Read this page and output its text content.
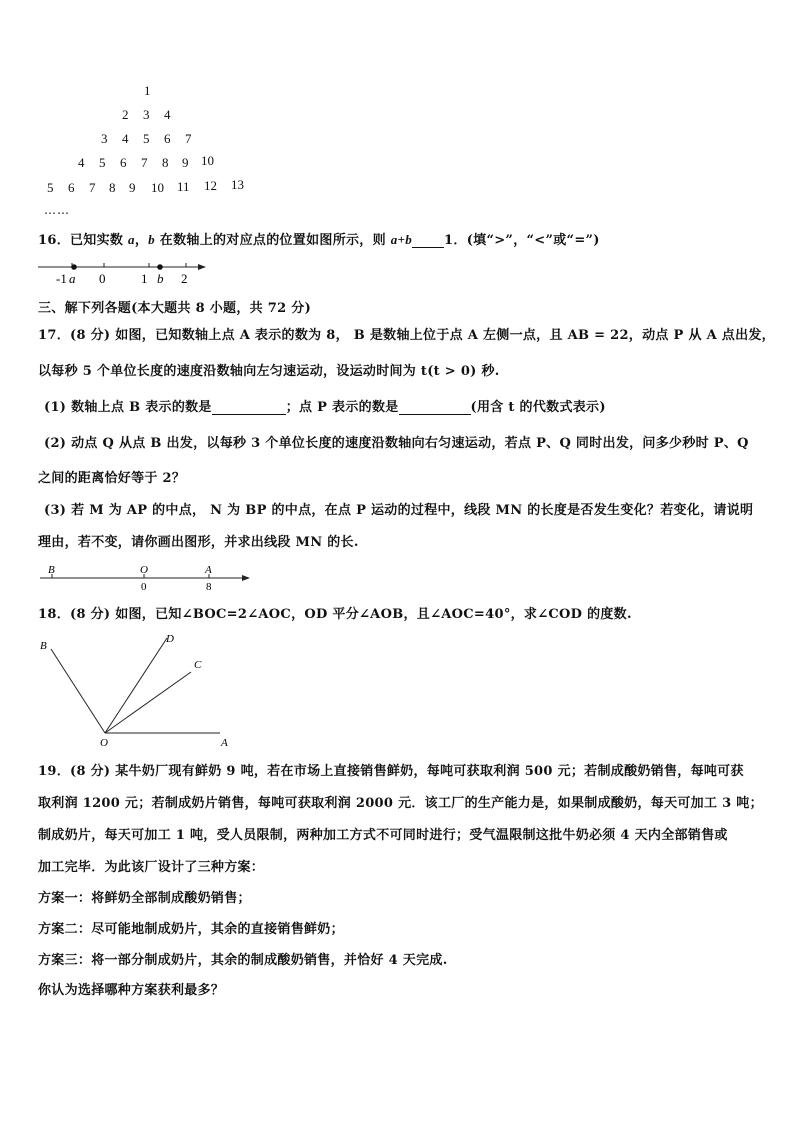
1
2 3 4
3 4 5 6 7
4 5 6 7 8 9 10
5 6 7 8 9 10 11 12 13
……
16．已知实数 a，b 在数轴上的对应点的位置如图所示，则 a+b 1．(填“>”，“<”或“=”)
-1 a 0	1 b 2
三、解下列各题(本大题共 8 小题，共 72 分)
17．(8 分) 如图，已知数轴上点 A 表示的数为 8， B 是数轴上位于点 A 左侧一点，且 AB = 22，动点 P 从 A 点出发，
以每秒 5 个单位长度的速度沿数轴向左匀速运动，设运动时间为 t(t > 0) 秒.
(1) 数轴上点 B 表示的数是	；点 P 表示的数是	(用含 t 的代数式表示)
(2) 动点 Q 从点 B 出发，以每秒 3 个单位长度的速度沿数轴向右匀速运动，若点 P、Q 同时出发，问多少秒时 P、Q
之间的距离恰好等于 2？
(3) 若 M 为 AP 的中点， N 为 BP 的中点，在点 P 运动的过程中，线段 MN 的长度是否发生变化？若变化，请说明
理由，若不变，请你画出图形，并求出线段 MN 的长.
B	O	A
0	8
18．(8 分) 如图，已知∠BOC=2∠AOC，OD 平分∠AOB，且∠AOC=40°，求∠COD 的度数.
B
D
C
O	A
19．(8 分) 某牛奶厂现有鲜奶 9 吨，若在市场上直接销售鲜奶，每吨可获取利润 500 元；若制成酸奶销售，每吨可获
取利润 1200 元；若制成奶片销售，每吨可获取利润 2000 元．该工厂的生产能力是，如果制成酸奶，每天可加工 3 吨；
制成奶片，每天可加工 1 吨，受人员限制，两种加工方式不可同时进行；受气温限制这批牛奶必须 4 天内全部销售或
加工完毕．为此该厂设计了三种方案：
方案一：将鲜奶全部制成酸奶销售；
方案二：尽可能地制成奶片，其余的直接销售鲜奶；
方案三：将一部分制成奶片，其余的制成酸奶销售，并恰好 4 天完成.
你认为选择哪种方案获利最多？
